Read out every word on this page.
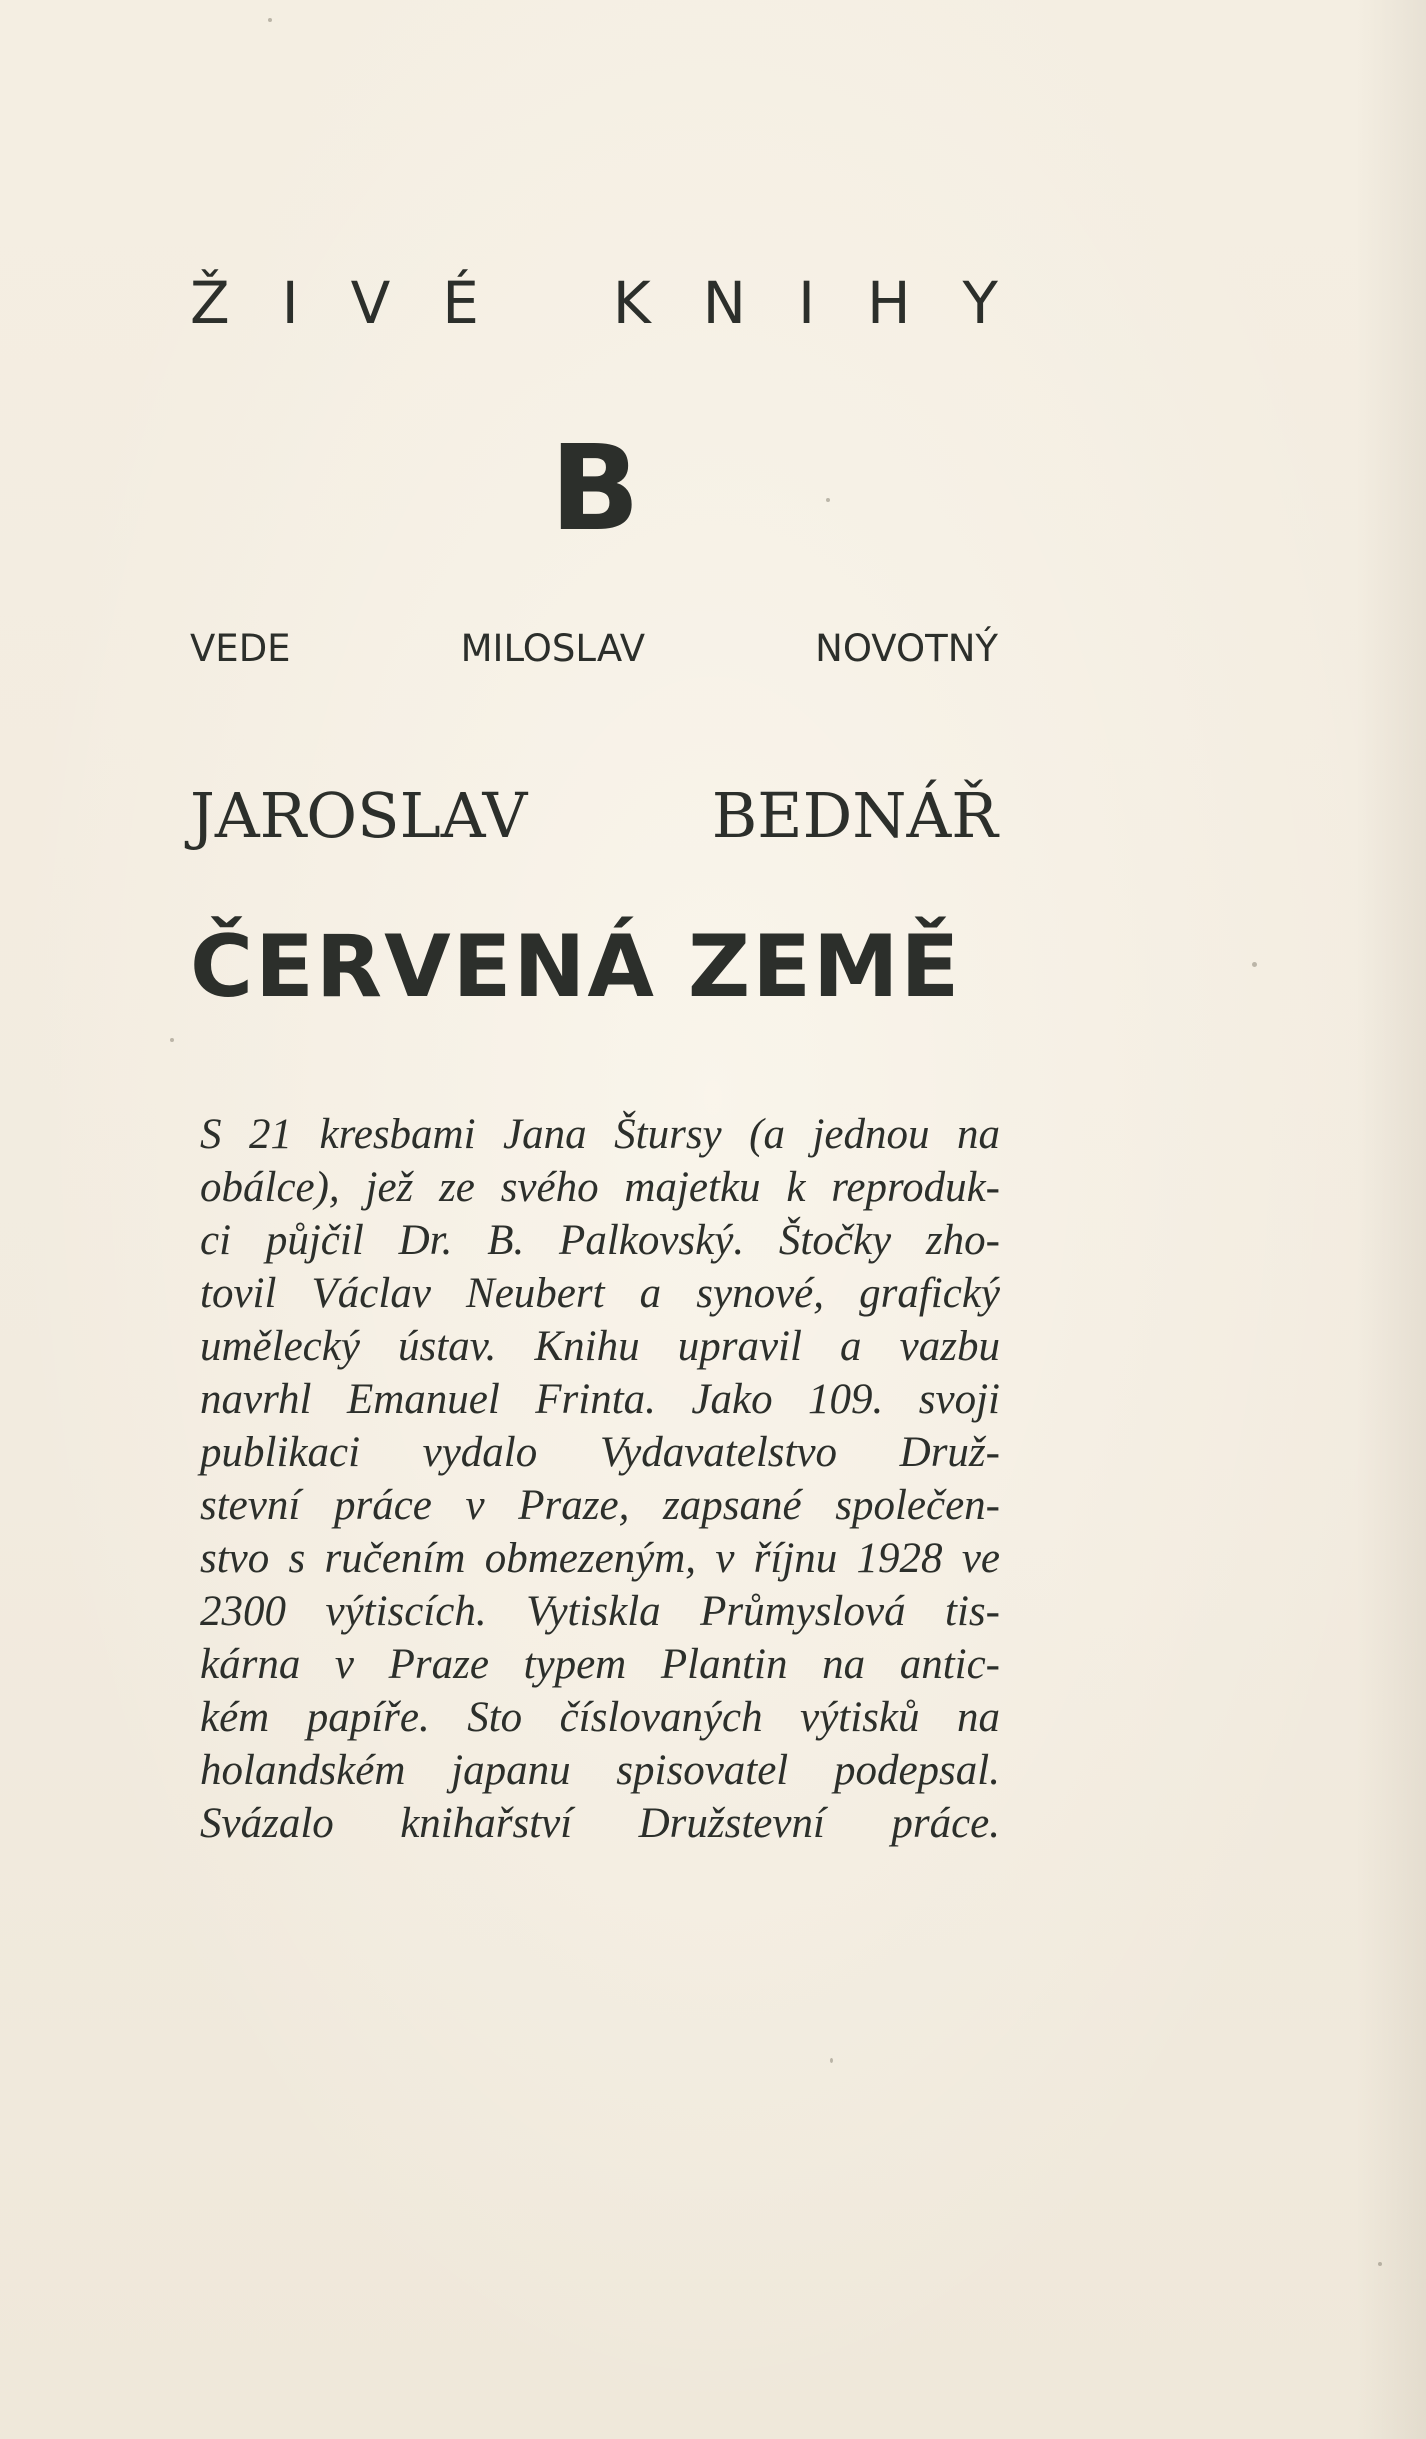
Ž I V É K N I H Y
B
VEDE	MILOSLAV	NOVOTNÝ
JAROSLAV	BEDNÁŘ
ČERVENÁ ZEMĚ
S 21 kresbami Jana Štursy (a jednou na
obálce), jež ze svého majetku k reproduk-
ci půjčil Dr. B. Palkovský. Štočky zho-
tovil Václav Neubert a synové, grafický
umělecký ústav. Knihu upravil a vazbu
navrhl Emanuel Frinta. Jako 109. svoji
publikaci vydalo Vydavatelstvo Druž-
stevní práce v Praze, zapsané společen-
stvo s ručením obmezeným, v říjnu 1928 ve
2300 výtiscích. Vytiskla Průmyslová tis-
kárna v Praze typem Plantin na antic-
kém papíře. Sto číslovaných výtisků na
holandském japanu spisovatel podepsal.
Svázalo knihařství Družstevní práce.
